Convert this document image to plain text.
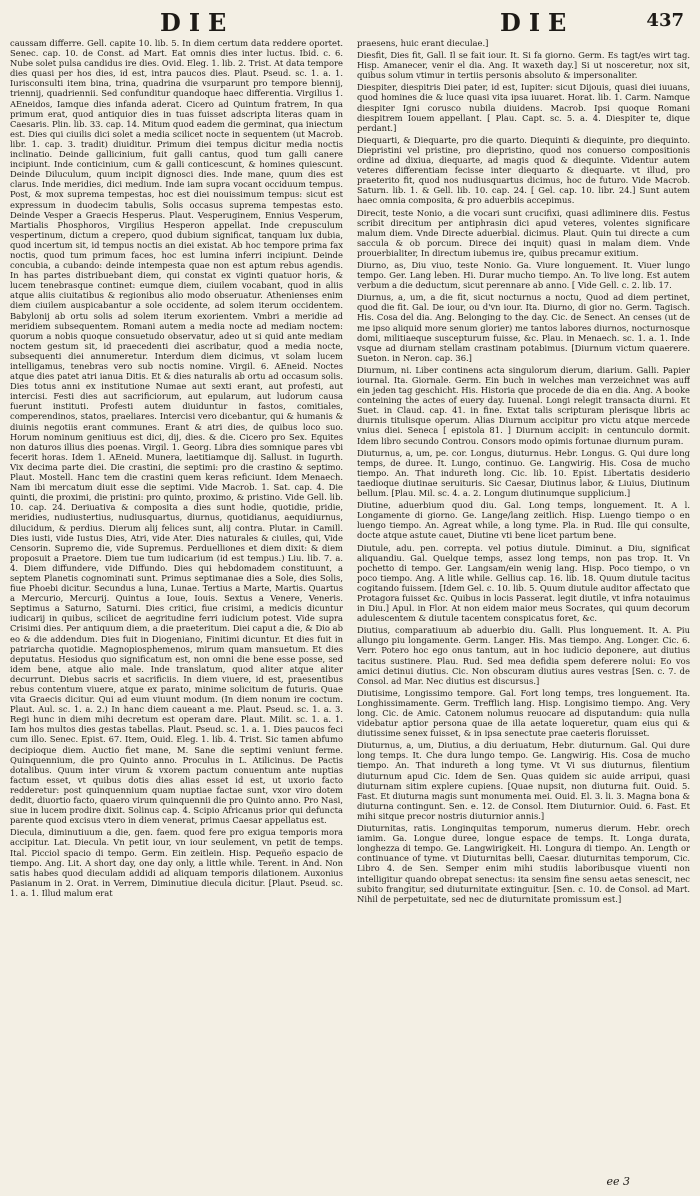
DIE	DIE	437

caussam differre. Gell. capite 10. lib. 5. In diem certum data reddere oportet. Senec. cap. 10. de Const. ad Mart. Eat omnis dies inter luctus. Ibid. c. 6. Nube solet pulsa candidus ire dies. Ovid. Eleg. 1. lib. 2. Trist. At data tempore dies quasi per hos dies, id est, intra paucos dies. Plaut. Pseud. sc. 1. a. 1. Iurisconsulti item bina, trina, quadrina die vsurparunt pro tempore biennij, triennij, quadriennii. Sed confunditur quandoque haec differentia. Virgilius 1. AEneidos, Iamque dies infanda aderat. Cicero ad Quintum fratrem, In qua primum erat, quod antiquior dies in tuas fuisset adscripta literas quam in Caesaris. Plin. lib. 33. cap. 14. Mitum quod eadem die germinat, qua iniectum est. Dies qui ciuilis dici solet a media scilicet nocte in sequentem (ut Macrob. libr. 1. cap. 3. tradit) diuiditur. Primum diei tempus dicitur media noctis inclinatio. Deinde gallicinium, fuit galli cantus, quod tum galli canere incipiunt. Inde conticinium, cum & galli conticescunt, & homines quiescunt. Deinde Diluculum, quum incipit dignosci dies. Inde mane, quum dies est clarus. Inde meridies, dici medium. Inde iam supra vocant occiduum tempus. Post, & mox suprema tempestas, hoc est diei nouissimum tempus: sicut est expressum in duodecim tabulis, Solis occasus suprema tempestas esto. Deinde Vesper a Graecis Hesperus. Plaut. Vesperuginem, Ennius Vesperum, Martialis Phosphoros, Virgilius Hesperon appellat. Inde crepusculum vespertinum, dictum a crepero, quod dubium significat, tanquam lux dubia, quod incertum sit, id tempus noctis an diei existat. Ab hoc tempore prima fax noctis, quod tum primum faces, hoc est lumina inferri incipiunt. Deinde concubia, a cubando: deinde intempesta quae non est aptum rebus agendis. In has partes distribuebant diem, qui constat ex viginti quatuor horis, & lucem tenebrasque continet: eumque diem, ciuilem vocabant, quod in aliis atque aliis ciuitatibus & regionibus alio modo obseruatur. Athenienses enim diem ciuilem auspicabantur a sole occidente, ad solem iterum occidentem. Babylonij ab ortu solis ad solem iterum exorientem. Vmbri a meridie ad meridiem subsequentem. Romani autem a media nocte ad mediam noctem: quorum a nobis quoque consuetudo observatur, adeo ut si quid ante mediam noctem gestum sit, id praecedenti diei ascribatur, quod a media nocte, subsequenti diei annumeretur. Interdum diem dicimus, vt solam lucem intelligamus, tenebras vero sub noctis nomine. Virgil. 6. AEneid. Noctes atque dies patet atri ianua Ditis. Et & dies naturalis ab ortu ad occasum solis. Dies totus anni ex institutione Numae aut sexti erant, aut profesti, aut intercisi. Festi dies aut sacrificiorum, aut epularum, aut ludorum causa fuerunt instituti. Profesti autem diuiduntur in fastos, comitiales, comperendinos, statos, praeliares. Intercisi vero dicebantur, qui & humanis & diuinis negotiis erant communes. Erant & atri dies, de quibus loco suo. Horum nominum genitiuus est dici, dij, dies. & die. Cicero pro Sex. Equites non daturos illius dies poenas. Virgil. 1. Georg. Libra dies somnique pares vbi fecerit horas. Idem 1. AEneid. Munera, laetitiamque dij. Sallust. in Iugurth. Vix decima parte diei. Die crastini, die septimi: pro die crastino & septimo. Plaut. Mostell. Hanc tem die crastini quem keras reficiunt. Idem Menaech. Nam ibi mercatum diuit esse die septimi. Vide Macrob. 1. Sat. cap. 4. Die quinti, die proximi, die pristini: pro quinto, proximo, & pristino. Vide Gell. lib. 10. cap. 24. Deriuativa & composita a dies sunt hodie, quotidie, pridie, meridies, nudiustertius, nudiusquartus, diurnus, quotidianus, aequidiurnus, dilucidum, & perdius. Dierum alij felices sunt, alij contra. Plutar. in Camill. Dies iusti, vide Iustus Dies, Atri, vide Ater. Dies naturales & ciuiles, qui, Vide Censorin. Supremo die, vide Supremus. Perduelliones et diem dixit: & diem proposuit a Praetore. Diem tue tum iudicarium (id est tempus.) Liu. lib. 7. a. 4. Diem diffundere, vide Diffundo. Dies qui hebdomadem constituunt, a septem Planetis cognominati sunt. Primus septimanae dies a Sole, dies Solis, fiue Phoebi dicitur. Secundus a luna, Lunae. Tertius a Marte, Martis. Quartus a Mercurio, Mercurij. Quintus a Ioue, Iouis. Sextus a Venere, Veneris. Septimus a Saturno, Saturni. Dies critici, fiue crisimi, a medicis dicuntur iudicarij in quibus, scilicet de aegritudine ferri iudicium potest. Vide supra Crisimi dies. Per antiquum diem, a die praeteritum. Diei caput a die, & Dio ab eo & die addendum. Dies fuit in Diogeniano, Finitimi dicuntur. Et dies fuit in patriarcha quotidie. Magnopiosphemenos, mirum quam mansuetum. Et dies deputatus. Hesiodus quo significatum est, non omni die bene esse posse, sed idem bene, atque alio male. Inde translatum, quod aliter atque aliter decurrunt. Diebus sacris et sacrificiis. In diem viuere, id est, praesentibus rebus contentum viuere, atque ex parato, minime solicitum de futuris. Quae vita Graecis dicitur. Qui ad eum viuunt modum. (In diem nonum ire coctum. Plaut. Aul. sc. 1. a. 2.) In hanc diem caueant a me. Plaut. Pseud. sc. 1. a. 3. Regi hunc in diem mihi decretum est operam dare. Plaut. Milit. sc. 1. a. 1. Iam hos multos dies gestas tabellas. Plaut. Pseud. sc. 1. a. 1. Dies paucos feci cum illo. Senec. Epist. 67. Item, Ouid. Eleg. 1. lib. 4. Trist. Sic tamen abfumo decipioque diem. Auctio fiet mane, M. Sane die septimi veniunt ferme. Quinquennium, die pro Quinto anno. Proculus in L. Atilicinus. De Pactis dotalibus. Quum inter virum & vxorem pactum conuentum ante nuptias factum esset, vt quibus dotis dies alias esset id est, ut uxorio facto redderetur: post quinquennium quam nuptiae factae sunt, vxor viro dotem dedit, diuortio facto, quaero virum quinquennii die pro Quinto anno. Pro Nasi, siue in lucem prodire dixit. Solinus cap. 4. Scipio Africanus prior qui defuncta parente quod excisus vtero in diem venerat, primus Caesar appellatus est.

Diecula, diminutiuum a die, gen. faem. quod fere pro exigua temporis mora accipitur. Lat. Diecula. Vn petit iour, vn iour seulement, vn petit de temps. Ital. Picciol spacio di tempo. Germ. Ein zeitlein. Hisp. Pequeño espacio de tiempo. Ang. Lit. A short day, one day only, a little while. Terent. in And. Non satis habes quod dieculam addidi ad aliquam temporis dilationem. Auxonius Pasianum in 2. Orat. in Verrem, Diminutiue diecula dicitur. [Plaut. Pseud. sc. 1. a. 1. Illud malum erat

praesens, huic erant dieculae.]

Diesfit, Dies fit, Gall. Il se fait iour. It. Si fa giorno. Germ. Es tagt/es wirt tag. Hisp. Amanecer, venir el dia. Ang. It waxeth day.] Si ut nosceretur, nox sit, quibus solum vtimur in tertiis personis absoluto & impersonaliter.

Diespiter, diespitris Diei pater, id est, Iupiter: sicut Dijouis, quasi diei iuuans, quod homines die & luce quasi vita ipsa iuuaret. Horat. lib. 1. Carm. Namque diespiter Igni corusco nubila diuidens. Macrob. Ipsi quoque Romani diespitrem Iouem appellant. [ Plau. Capt. sc. 5. a. 4. Diespiter te, dique perdant.]

Diequarti, & Diequarte, pro die quarto. Diequinti & diequinte, pro diequinto. Diepristini vel pristine, pro diepristino, quod nos conuerso compositionis ordine ad dixiua, diequarte, ad magis quod & diequinte. Videntur autem veteres differentiam fecisse inter diequarto & diequarte. vt illud, pro praeterito fit, quod nos nudiusquartus dicimus, hoc de futuro. Vide Macrob. Saturn. lib. 1. & Gell. lib. 10. cap. 24. [ Gel. cap. 10. libr. 24.] Sunt autem haec omnia composita, & pro aduerbiis accepimus.

Direcit, teste Nonio, a die vocari sunt crucifixi, quasi adliminere diis. Festus scribit direcitum per antiphrasin dici apud veteres, volentes significare malum diem. Vnde Directe aduerbial. dicimus. Plaut. Quin tui directe a cum saccula & ob porcum. Direce dei inquit) quasi in malam diem. Vnde prouerbialiter, In directum iubemus ire, quibus precamur exitium.

Diurno, as, Diu viuo, teste Nonio. Ga. Viure longuement. It. Viuer lungo tempo. Ger. Lang leben. Hi. Durar mucho tiempo. An. To live long. Est autem verbum a die deductum, sicut perennare ab anno. [ Vide Gell. c. 2. lib. 17.

Diurnus, a, um, a die fit, sicut nocturnus a noctu, Quod ad diem pertinet, quod die fit. Gal. De iour, ou d'vn iour. Ita. Diurno, di gior no. Germ. Tagisch. His. Cosa del dia. Ang. Belonging to the day. Cic. de Senect. An censes (ut de me ipso aliquid more senum glorier) me tantos labores diurnos, nocturnosque domi, militiaeque suscepturum fuisse, &c. Plau. in Menaech. sc. 1. a. 1. Inde vsque ad diurnam stellam crastinam potabimus. [Diurnum victum quaerere. Sueton. in Neron. cap. 36.]

Diurnum, ni. Liber continens acta singulorum dierum, diarium. Galli. Papier iournal. Ita. Giornale. Germ. Ein buch in welches man verzeichnet was auff ein jeden tag geschicht. His. Historia que procede de dia en dia. Ang. A booke conteining the actes of euery day. Iuuenal. Longi relegit transacta diurni. Et Suet. in Claud. cap. 41. in fine. Extat talis scripturam plerisque libris ac diurnis titulisque operum. Alias Diurnum accipitur pro victu atque mercede vnius diei. Seneca [ epistola 81. ] Diurnum accipit: in centunculo dormit. Idem libro secundo Controu. Consors modo opimis fortunae diurnum puram.

Diuturnus, a, um, pe. cor. Longus, diuturnus. Hebr. Longus. G. Qui dure long temps, de duree. It. Lungo, continuo. Ge. Langwirig. His. Cosa de mucho tiempo. An. That indureth long. Cic. lib. 10. Epist. Libertatis desiderio taedioque diutinae seruituris. Sic Caesar, Diutinus labor, & Liuius, Diutinum bellum. [Plau. Mil. sc. 4. a. 2. Longum diutinumque supplicium.]

Diutine, aduerbium quod diu. Gal. Long temps, longuement. It. A l. Longamente di giorno. Ge. Lange/lang zeitlich. Hisp. Luengo tiempo o en luengo tiempo. An. Agreat while, a long tyme. Pla. in Rud. Ille qui consulte, docte atque astute cauet, Diutine vti bene licet partum bene.

Diutule, adu. pen. correpta. vel potius diutule. Diminut. a Diu, significat aliquandiu. Gal. Quelque temps, assez long temps, non pas trop. It. Vn pochetto di tempo. Ger. Langsam/ein wenig lang. Hisp. Poco tiempo, o vn poco tiempo. Ang. A litle while. Gellius cap. 16. lib. 18. Quum diutule tacitus cogitando fuissem. [Idem Gel. c. 10. lib. 5. Quum diutule auditor affectato que Protagora fuisset &c. Quibus in locis Passerat. legit diutile, vt infra notauimus in Diu.] Apul. in Flor. At non eidem maior meus Socrates, qui quum decorum adulescentem & diutule tacentem conspicatus foret, &c.

Diutius, comparatiuum ab aduerbio diu. Galli. Plus longuement. It. A. Piu allungo piu longamente. Germ. Langer. His. Mas tiempo. Ang. Longer. Cic. 6. Verr. Potero hoc ego onus tantum, aut in hoc iudicio deponere, aut diutius tacitus sustinere. Plau. Rud. Sed mea defidia spem deferere nolui: Eo vos amici detinui diutius. Cic. Non obscuram diutius aures vestras [Sen. c. 7. de Consol. ad Mar. Nec diutius est discursus.]

Diutisime, Longissimo tempore. Gal. Fort long temps, tres longuement. Ita. Longhissimamente. Germ. Trefflich lang. Hisp. Longisimo tiempo. Ang. Very long. Cic. de Amic. Catonem nolumus reuocare ad disputandum: quia nulla videbatur aptior persona quae de illa aetate loqueretur, quam eius qui & diutissime senex fuisset, & in ipsa senectute prae caeteris floruisset.

Diuturnus, a, um, Diutius, a diu deriuatum, Hebr. diuturnum. Gal. Qui dure long temps. It. Che dura lungo tempo. Ge. Langwirig. His. Cosa de mucho tiempo. An. That indureth a long tyme. Vt Vi sus diuturnus, filentium diuturnum apud Cic. Idem de Sen. Quas quidem sic auide arripui, quasi diuturnam sitim explere cupiens. [Quae nupsit, non diuturna fuit. Ouid. 5. Fast. Et diuturna magis sunt monumenta mei. Ouid. El. 3. li. 3. Magna bona & diuturna contingunt. Sen. e. 12. de Consol. Item Diuturnior. Ouid. 6. Fast. Et mihi sitque precor nostris diuturnior annis.]

Diuturnitas, ratis. Longinquitas temporum, numerus dierum. Hebr. orech iamim. Ga. Longue duree, longue espace de temps. It. Longa durata, longhezza di tempo. Ge. Langwirigkeit. Hi. Longura di tiempo. An. Length or continuance of tyme. vt Diuturnitas belli, Caesar. diuturnitas temporum, Cic. Libro 4. de Sen. Semper enim mihi studiis laboribusque viuenti non intelligitur quando obrepat senectus: ita sensim fine sensu aetas senescit, nec subito frangitur, sed diuturnitate extinguitur. [Sen. c. 10. de Consol. ad Mart. Nihil de perpetuitate, sed nec de diuturnitate promissum est.]

ee 3
